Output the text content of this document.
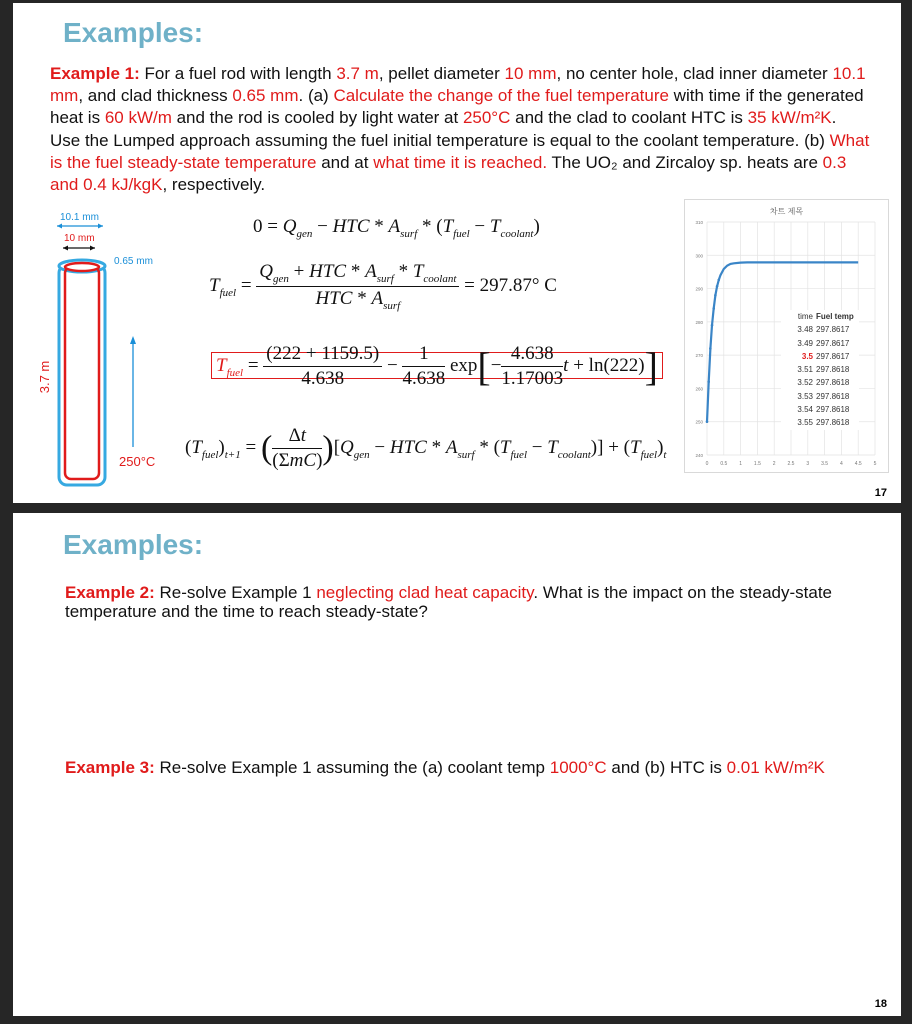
Examples:
Example 1: For a fuel rod with length 3.7 m, pellet diameter 10 mm, no center hole, clad inner diameter 10.1 mm, and clad thickness 0.65 mm. (a) Calculate the change of the fuel temperature with time if the generated heat is 60 kW/m and the rod is cooled by light water at 250°C and the clad to coolant HTC is 35 kW/m²K. Use the Lumped approach assuming the fuel initial temperature is equal to the coolant temperature. (b) What is the fuel steady-state temperature and at what time it is reached. The UO₂ and Zircaloy sp. heats are 0.3 and 0.4 kJ/kgK, respectively.
10.1 mm
10 mm
0.65 mm
3.7 m
250°C
$0 = Q_{gen}$ − HTC * $A_{surf} * (T_{fuel} - T_{coolant})$
$T_{fuel} = \frac{Q_{gen} + HTC * A_{surf} * T_{coolant}}{HTC * A_{surf}} = 297.87^\circ$ C
$T_{fuel} = \frac{(222 + 1159.5)}{4.638} - \frac{1}{4.638} \exp[- \frac{4.638}{1.17003}$ t + ln(222)]
$(T_{fuel})_{t+1}$ = ( $\frac{\Delta t}{\text{(ΣmC)}} )[Q_{gen}$ − HTC * $A_{surf} * (T_{fuel} - T_{coolant})] + (T_{fuel})_t$
차트 제목
0 0.5 1 1.5 2 2.5 3 3.5 4 4.5 5
240
250
260
270
280
290
300
310
time Fuel temp
3.48 297.8617
3.49 297.8617
3.5 297.8617
3.51 297.8618
3.52 297.8618
3.53 297.8618
3.54 297.8618
3.55 297.8618
17
Examples:
Example 2: Re-solve Example 1 neglecting clad heat capacity. What is the impact on the steady-state temperature and the time to reach steady-state?
Example 3: Re-solve Example 1 assuming the (a) coolant temp 1000°C and (b) HTC is 0.01 kW/m²K
18
